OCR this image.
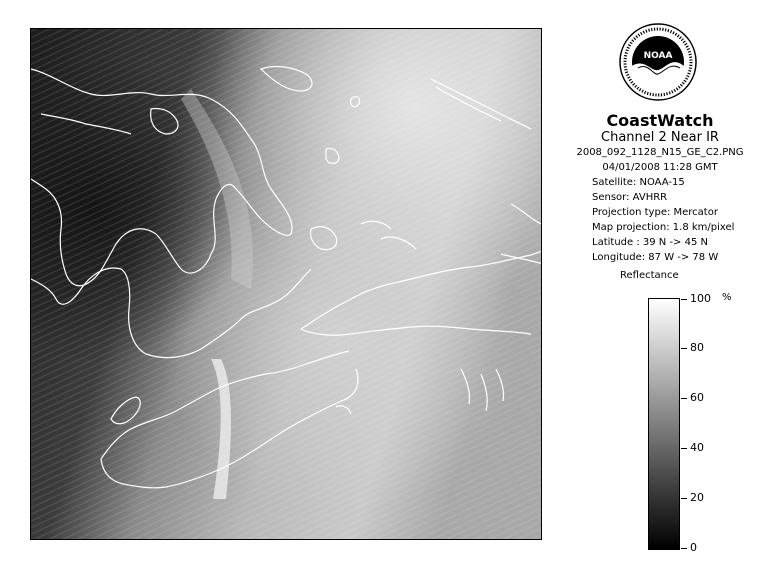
NOAA
CoastWatch
Channel 2 Near IR
2008_092_1128_N15_GE_C2.PNG
04/01/2008 11:28 GMT
Satellite: NOAA-15
Sensor: AVHRR
Projection type: Mercator
Map projection: 1.8 km/pixel
Latitude : 39 N -> 45 N
Longitude: 87 W -> 78 W
Reflectance
%
0
20
40
60
80
100
